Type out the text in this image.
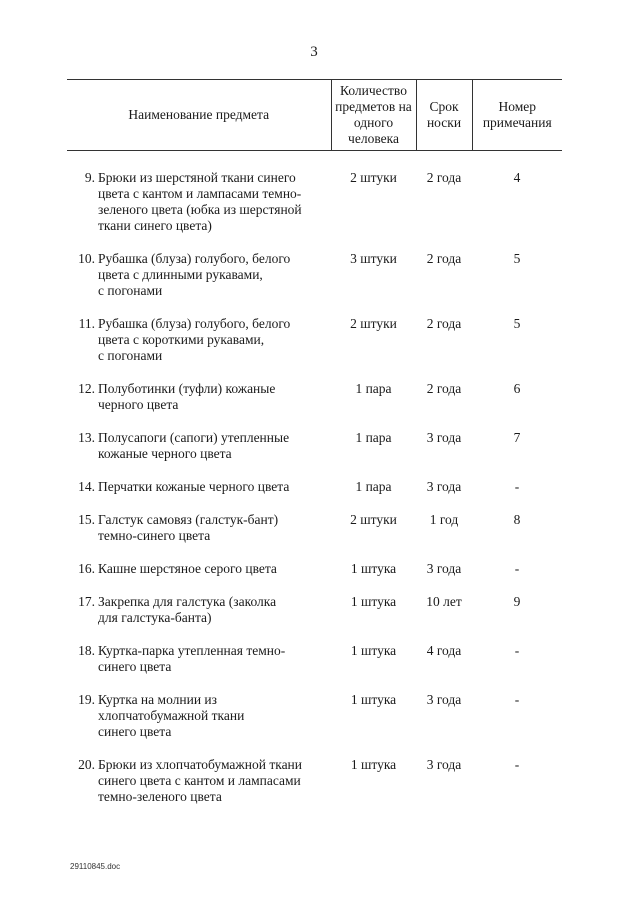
3
Наименование предмета	Количество предметов на одного человека	Срок носки	Номер примечания

9. Брюки из шерстяной ткани синего
цвета с кантом и лампасами темно-
зеленого цвета (юбка из шерстяной
ткани синего цвета)	2 штуки	2 года	4

10. Рубашка (блуза) голубого, белого
цвета с длинными рукавами,
с погонами	3 штуки	2 года	5

11. Рубашка (блуза) голубого, белого
цвета с короткими рукавами,
с погонами	2 штуки	2 года	5

12. Полуботинки (туфли) кожаные
черного цвета	1 пара	2 года	6

13. Полусапоги (сапоги) утепленные
кожаные черного цвета	1 пара	3 года	7

14. Перчатки кожаные черного цвета	1 пара	3 года	-

15. Галстук самовяз (галстук-бант)
темно-синего цвета	2 штуки	1 год	8

16. Кашне шерстяное серого цвета	1 штука	3 года	-

17. Закрепка для галстука (заколка
для галстука-банта)	1 штука	10 лет	9

18. Куртка-парка утепленная темно-
синего цвета	1 штука	4 года	-

19. Куртка на молнии из
хлопчатобумажной ткани
синего цвета	1 штука	3 года	-

20. Брюки из хлопчатобумажной ткани
синего цвета с кантом и лампасами
темно-зеленого цвета	1 штука	3 года	-
29110845.doc
